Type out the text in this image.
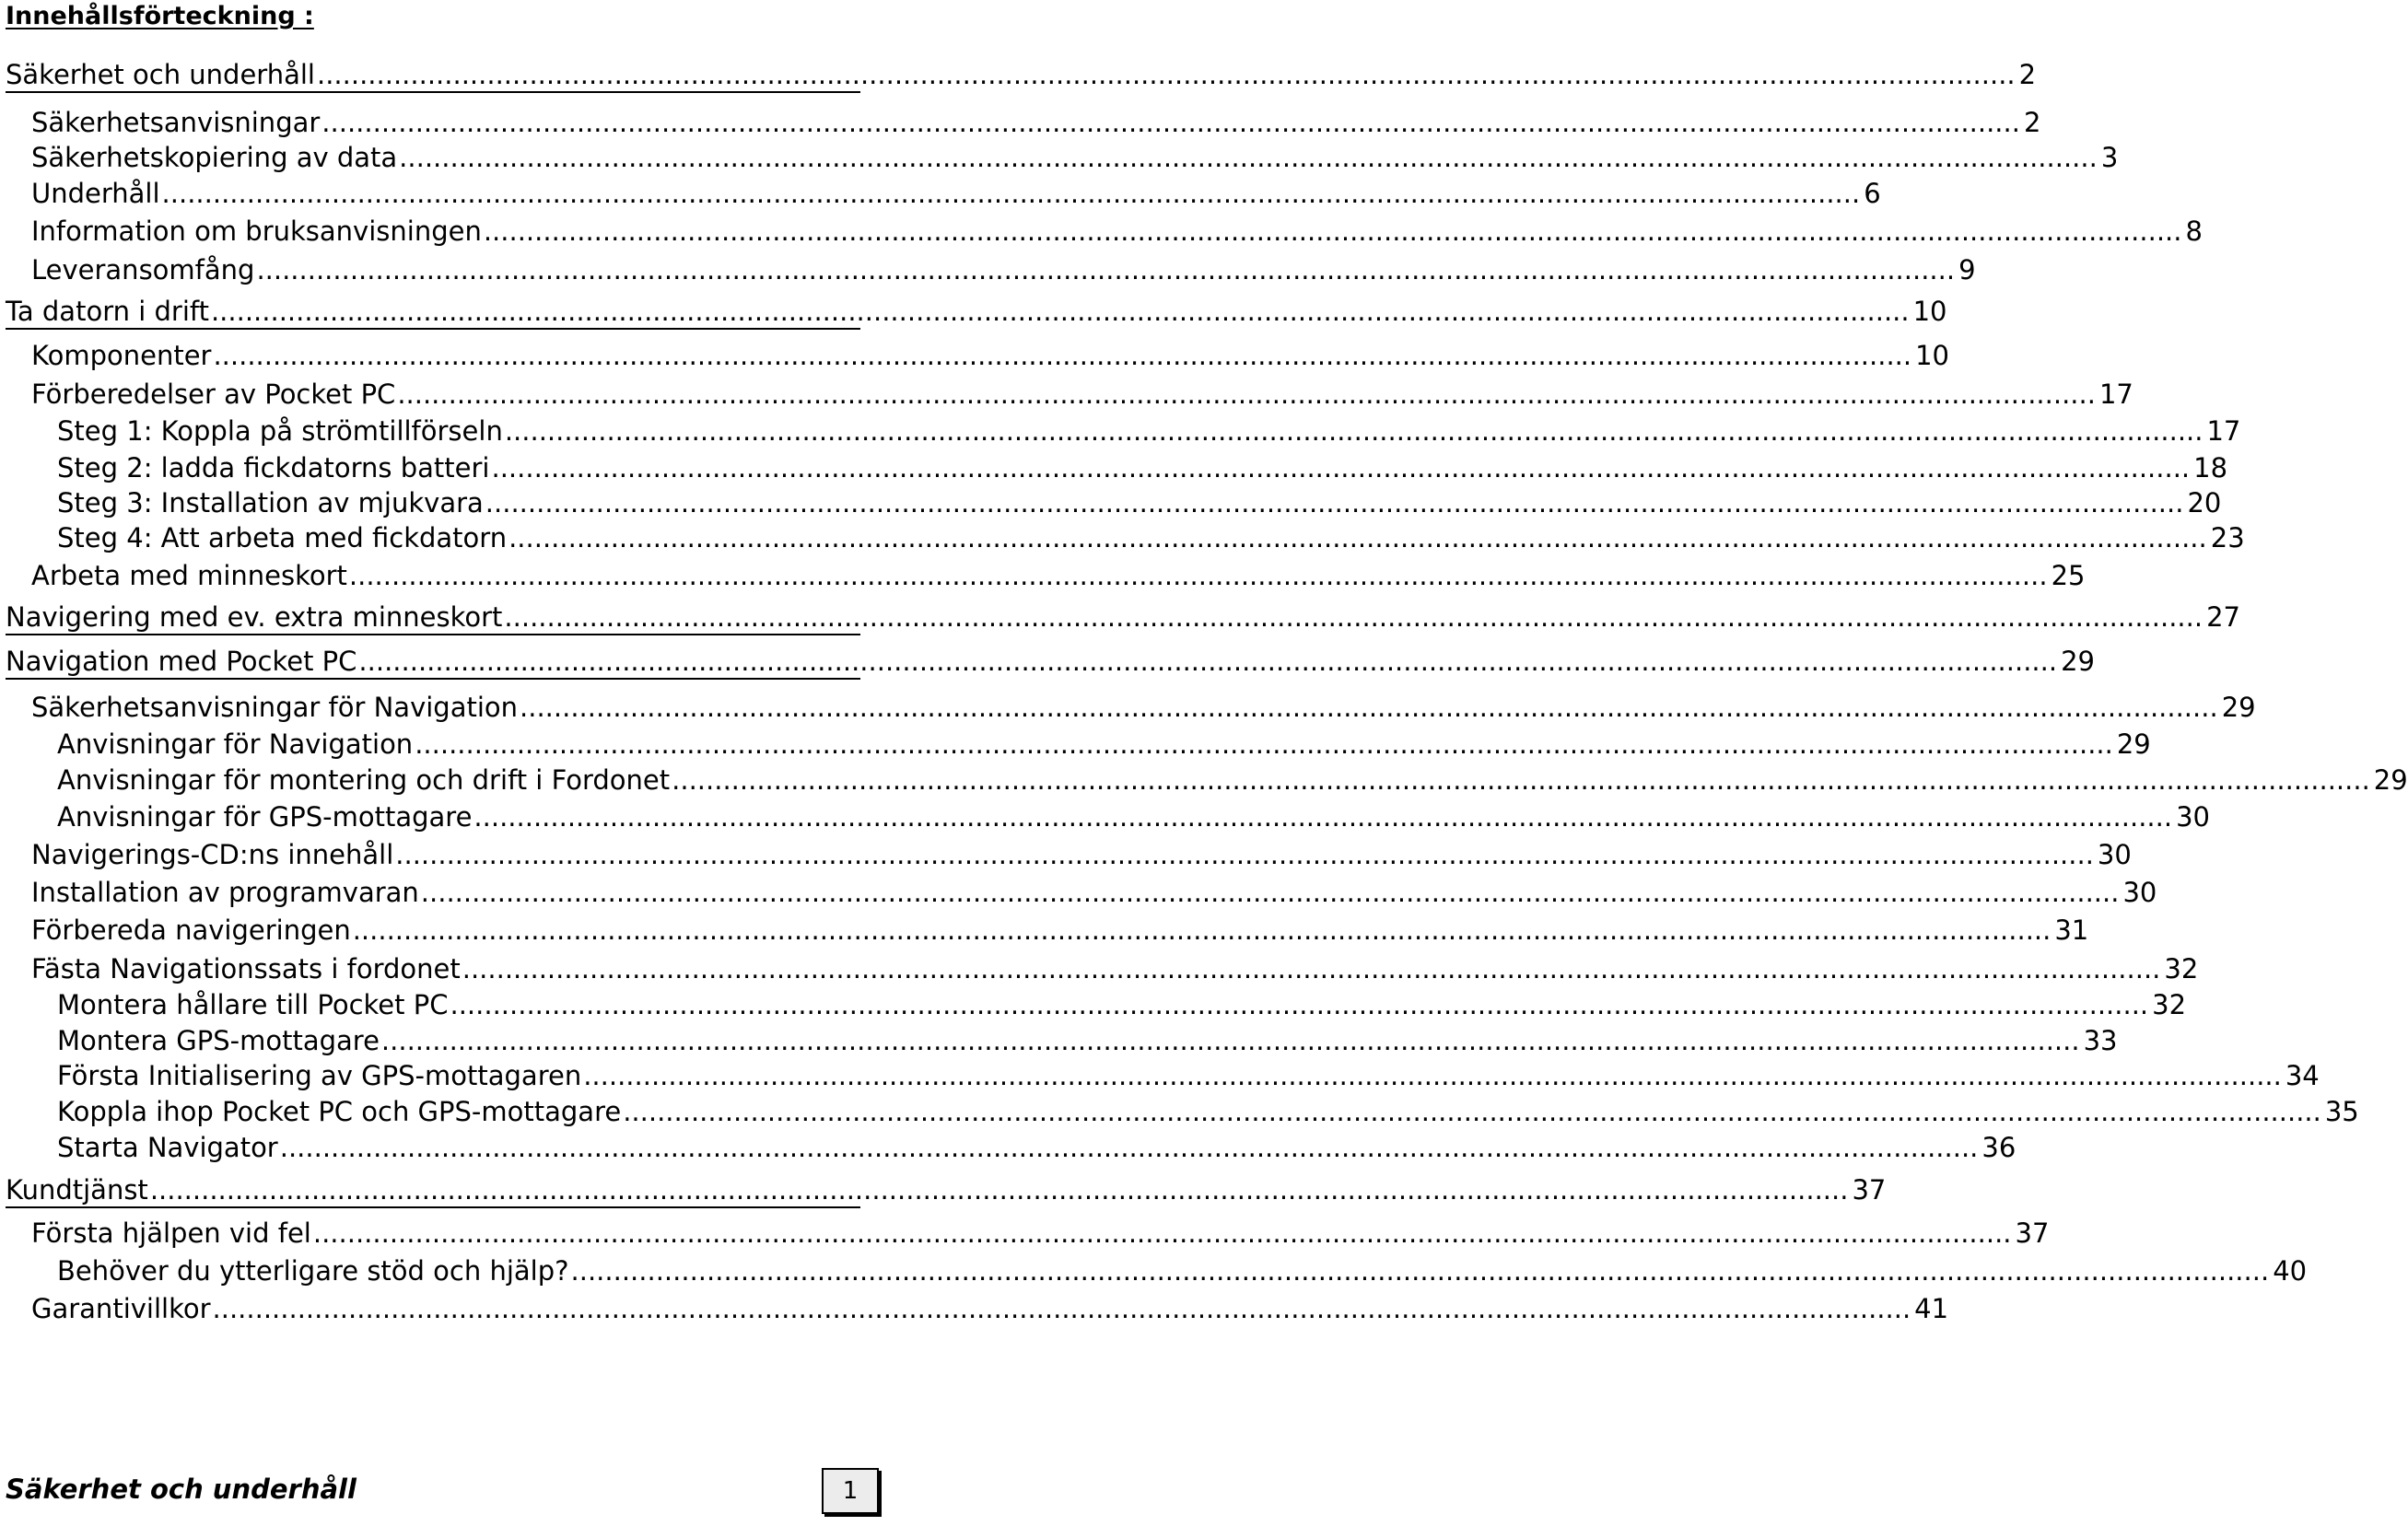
Innehållsförteckning :
Säkerhet och underhåll ........................................................................................................................................................................................................ 2
Säkerhetsanvisningar ........................................................................................................................................................................................................ 2
Säkerhetskopiering av data ........................................................................................................................................................................................................ 3
Underhåll ........................................................................................................................................................................................................ 6
Information om bruksanvisningen ........................................................................................................................................................................................................ 8
Leveransomfång ........................................................................................................................................................................................................ 9
Ta datorn i drift ........................................................................................................................................................................................................ 10
Komponenter ........................................................................................................................................................................................................ 10
Förberedelser av Pocket PC ........................................................................................................................................................................................................ 17
Steg 1: Koppla på strömtillförseln ........................................................................................................................................................................................................ 17
Steg 2: ladda fickdatorns batteri ........................................................................................................................................................................................................ 18
Steg 3: Installation av mjukvara ........................................................................................................................................................................................................ 20
Steg 4: Att arbeta med fickdatorn ........................................................................................................................................................................................................ 23
Arbeta med minneskort ........................................................................................................................................................................................................ 25
Navigering med ev. extra minneskort ........................................................................................................................................................................................................ 27
Navigation med Pocket PC ........................................................................................................................................................................................................ 29
Säkerhetsanvisningar för Navigation ........................................................................................................................................................................................................ 29
Anvisningar för Navigation ........................................................................................................................................................................................................ 29
Anvisningar för montering och drift i Fordonet ........................................................................................................................................................................................................ 29
Anvisningar för GPS-mottagare ........................................................................................................................................................................................................ 30
Navigerings-CD:ns innehåll ........................................................................................................................................................................................................ 30
Installation av programvaran ........................................................................................................................................................................................................ 30
Förbereda navigeringen ........................................................................................................................................................................................................ 31
Fästa Navigationssats i fordonet ........................................................................................................................................................................................................ 32
Montera hållare till Pocket PC ........................................................................................................................................................................................................ 32
Montera GPS-mottagare ........................................................................................................................................................................................................ 33
Första Initialisering av GPS-mottagaren ........................................................................................................................................................................................................ 34
Koppla ihop Pocket PC och GPS-mottagare ........................................................................................................................................................................................................ 35
Starta Navigator ........................................................................................................................................................................................................ 36
Kundtjänst ........................................................................................................................................................................................................ 37
Första hjälpen vid fel ........................................................................................................................................................................................................ 37
Behöver du ytterligare stöd och hjälp? ........................................................................................................................................................................................................ 40
Garantivillkor ........................................................................................................................................................................................................ 41
Säkerhet och underhåll	1
